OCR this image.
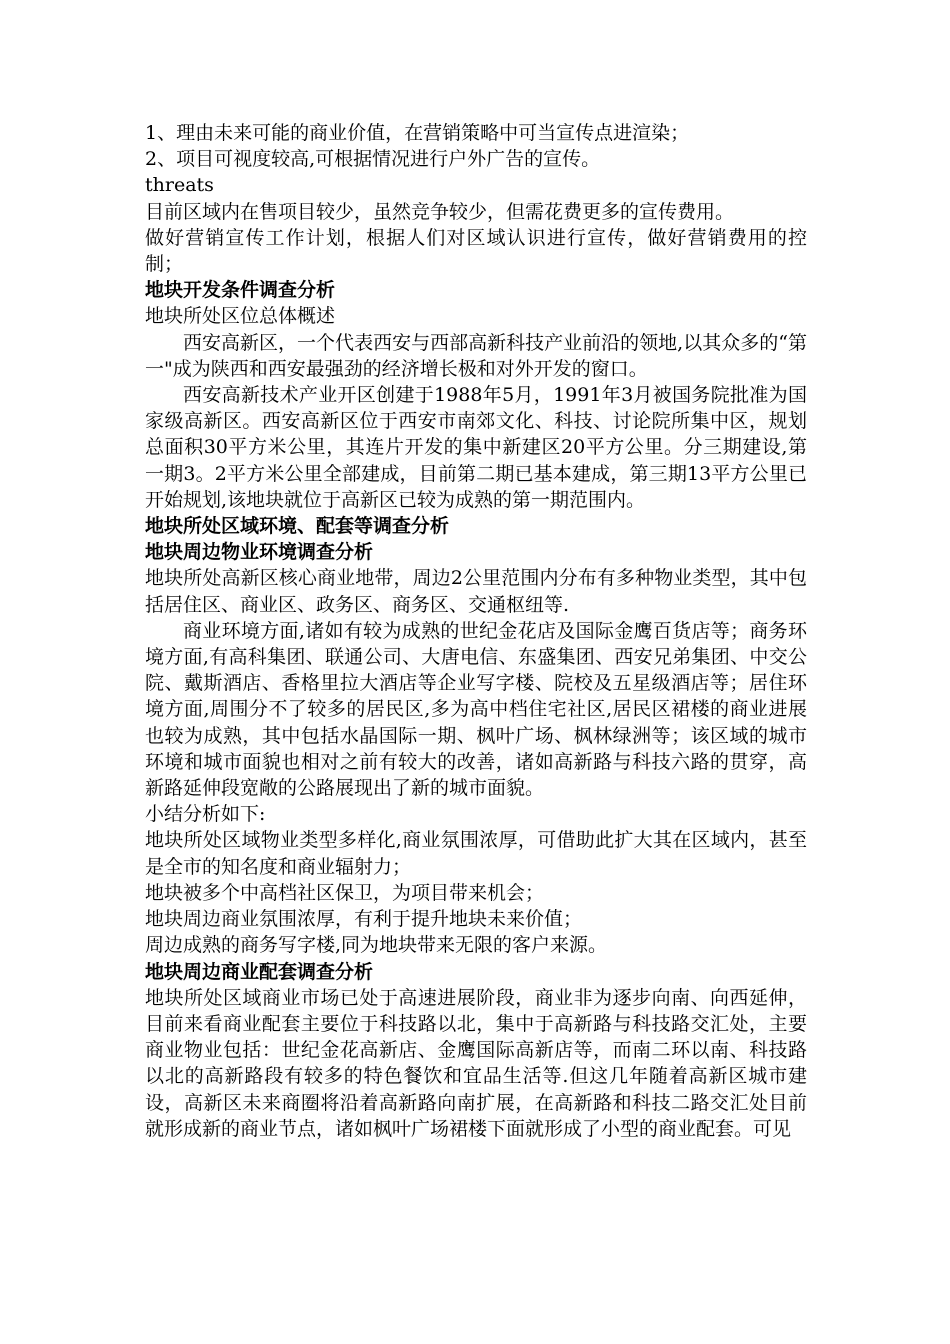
1、理由未来可能的商业价值，在营销策略中可当宣传点进渲染；

2、项目可视度较高,可根据情况进行户外广告的宣传。

threats

目前区域内在售项目较少，虽然竞争较少，但需花费更多的宣传费用。

做好营销宣传工作计划，根据人们对区域认识进行宣传，做好营销费用的控制；

地块开发条件调查分析

地块所处区位总体概述

西安高新区，一个代表西安与西部高新科技产业前沿的领地,以其众多的“第一"成为陕西和西安最强劲的经济增长极和对外开发的窗口。

西安高新技术产业开区创建于1988年5月，1991年3月被国务院批准为国家级高新区。西安高新区位于西安市南郊文化、科技、讨论院所集中区，规划总面积30平方米公里，其连片开发的集中新建区20平方公里。分三期建设,第一期3。2平方米公里全部建成，目前第二期已基本建成，第三期13平方公里已开始规划,该地块就位于高新区已较为成熟的第一期范围内。

地块所处区域环境、配套等调查分析

地块周边物业环境调查分析

地块所处高新区核心商业地带，周边2公里范围内分布有多种物业类型，其中包括居住区、商业区、政务区、商务区、交通枢纽等.

商业环境方面,诸如有较为成熟的世纪金花店及国际金鹰百货店等；商务环境方面,有高科集团、联通公司、大唐电信、东盛集团、西安兄弟集团、中交公院、戴斯酒店、香格里拉大酒店等企业写字楼、院校及五星级酒店等；居住环境方面,周围分不了较多的居民区,多为高中档住宅社区,居民区裙楼的商业进展也较为成熟，其中包括水晶国际一期、枫叶广场、枫林绿洲等；该区域的城市环境和城市面貌也相对之前有较大的改善，诸如高新路与科技六路的贯穿，高新路延伸段宽敞的公路展现出了新的城市面貌。

小结分析如下:

地块所处区域物业类型多样化,商业氛围浓厚，可借助此扩大其在区域内，甚至是全市的知名度和商业辐射力；

地块被多个中高档社区保卫，为项目带来机会；

地块周边商业氛围浓厚，有利于提升地块未来价值；

周边成熟的商务写字楼,同为地块带来无限的客户来源。

地块周边商业配套调查分析

地块所处区域商业市场已处于高速进展阶段，商业非为逐步向南、向西延伸，目前来看商业配套主要位于科技路以北，集中于高新路与科技路交汇处，主要商业物业包括：世纪金花高新店、金鹰国际高新店等，而南二环以南、科技路以北的高新路段有较多的特色餐饮和宜品生活等.但这几年随着高新区城市建设，高新区未来商圈将沿着高新路向南扩展，在高新路和科技二路交汇处目前就形成新的商业节点，诸如枫叶广场裙楼下面就形成了小型的商业配套。可见
